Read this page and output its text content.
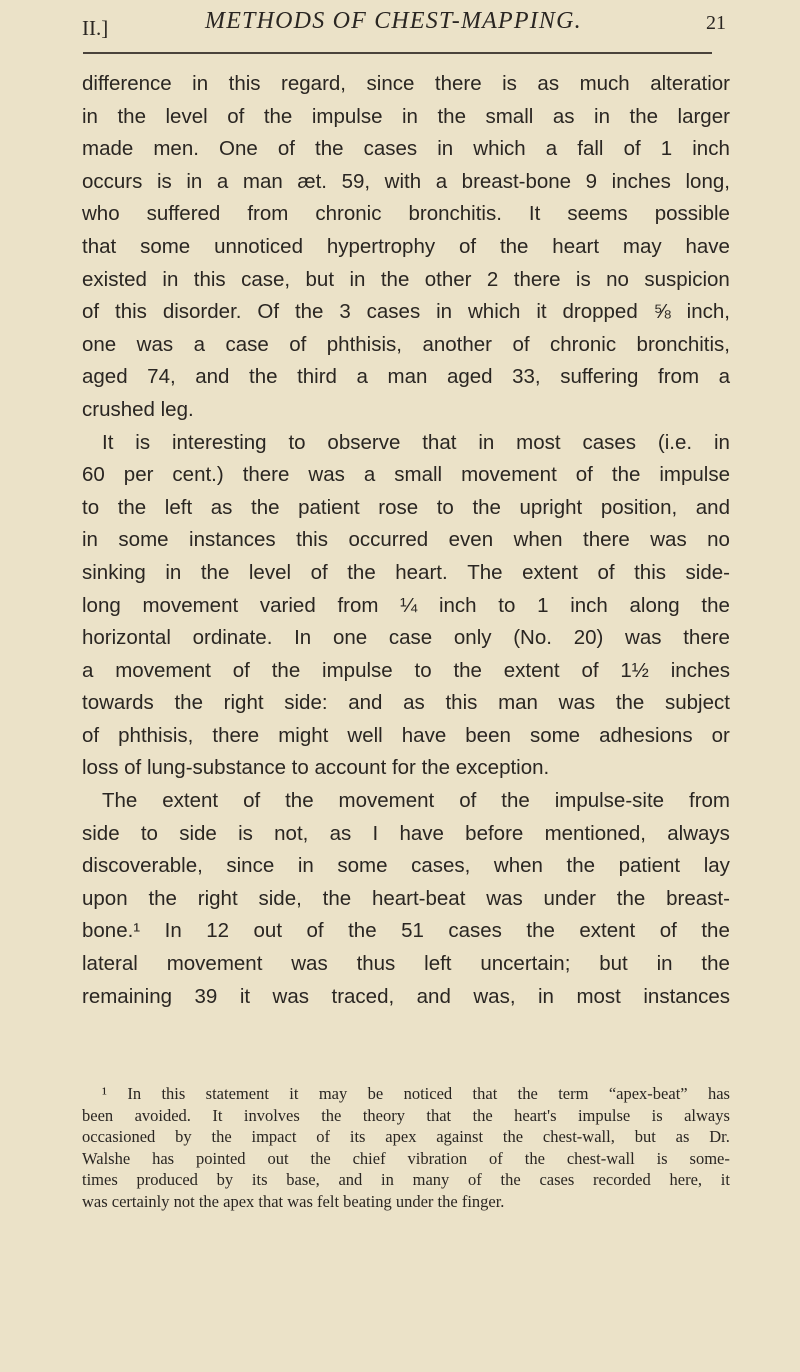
II.]	METHODS OF CHEST-MAPPING.	21
difference in this regard, since there is as much alteratior
in the level of the impulse in the small as in the larger
made men. One of the cases in which a fall of 1 inch
occurs is in a man æt. 59, with a breast-bone 9 inches long,
who suffered from chronic bronchitis. It seems possible
that some unnoticed hypertrophy of the heart may have
existed in this case, but in the other 2 there is no suspicion
of this disorder. Of the 3 cases in which it dropped ⅝ inch,
one was a case of phthisis, another of chronic bronchitis,
aged 74, and the third a man aged 33, suffering from a
crushed leg.
It is interesting to observe that in most cases (i.e. in
60 per cent.) there was a small movement of the impulse
to the left as the patient rose to the upright position, and
in some instances this occurred even when there was no
sinking in the level of the heart. The extent of this side-
long movement varied from ¼ inch to 1 inch along the
horizontal ordinate. In one case only (No. 20) was there
a movement of the impulse to the extent of 1½ inches
towards the right side: and as this man was the subject
of phthisis, there might well have been some adhesions or
loss of lung-substance to account for the exception.
The extent of the movement of the impulse-site from
side to side is not, as I have before mentioned, always
discoverable, since in some cases, when the patient lay
upon the right side, the heart-beat was under the breast-
bone.¹ In 12 out of the 51 cases the extent of the
lateral movement was thus left uncertain; but in the
remaining 39 it was traced, and was, in most instances
¹ In this statement it may be noticed that the term “apex-beat” has
been avoided. It involves the theory that the heart's impulse is always
occasioned by the impact of its apex against the chest-wall, but as Dr.
Walshe has pointed out the chief vibration of the chest-wall is some-
times produced by its base, and in many of the cases recorded here, it
was certainly not the apex that was felt beating under the finger.
